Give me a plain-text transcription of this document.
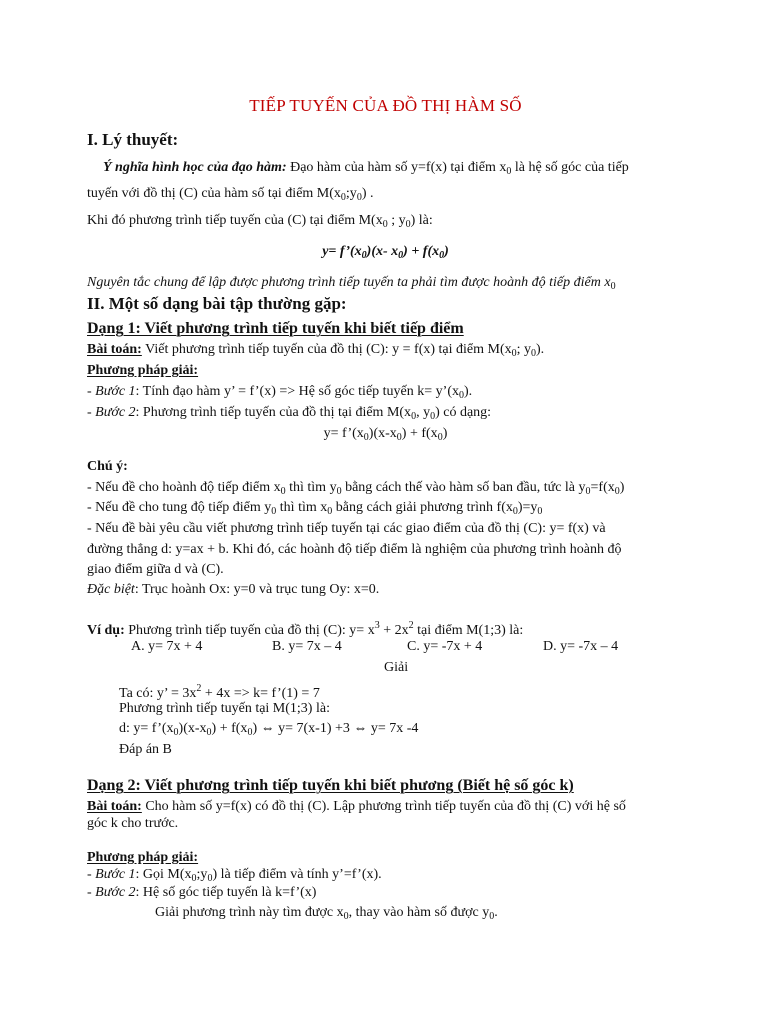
TIẾP TUYẾN CỦA ĐỒ THỊ HÀM SỐ
I. Lý thuyết:
Ý nghĩa hình học của đạo hàm: Đạo hàm của hàm số y=f(x) tại điểm $x_0$ là hệ số góc của tiếp
tuyến với đồ thị (C) của hàm số tại điểm $M(x_0;y_0)$ .
Khi đó phương trình tiếp tuyến của (C) tại điểm $M(x_0$ ; $y_0$) là:
$y= f’(x_0)(x-$ $x_0) + f(x_0)$
Nguyên tắc chung để lập được phương trình tiếp tuyến ta phải tìm được hoành độ tiếp điểm $x_0$
II. Một số dạng bài tập thường gặp:
Dạng 1: Viết phương trình tiếp tuyến khi biết tiếp điểm
Bài toán: Viết phương trình tiếp tuyến của đồ thị (C): y = f(x) tại điểm $M(x_0$; $y_0$).
Phương pháp giải:
- Bước 1: Tính đạo hàm y’ = f’(x) => Hệ số góc tiếp tuyến $k= y’(x_0)$.
- Bước 2: Phương trình tiếp tuyến của đồ thị tại điểm $M(x_0$, $y_0$) có dạng:
$y= f’(x_0)(x-x_0) + f(x_0)$
Chú ý:
- Nếu đề cho hoành độ tiếp điểm $x_0$ thì tìm $y_0$ bằng cách thế vào hàm số ban đầu, tức là $y_0=f(x_0)$
- Nếu đề cho tung độ tiếp điểm $y_0$ thì tìm $x_0$ bằng cách giải phương trình $f(x_0)=y_0$
- Nếu đề bài yêu cầu viết phương trình tiếp tuyến tại các giao điểm của đồ thị (C): y= f(x) và
đường thẳng d: y=ax + b. Khi đó, các hoành độ tiếp điểm là nghiệm của phương trình hoành độ
giao điểm giữa d và (C).
Đặc biệt: Trục hoành Ox: y=0 và trục tung Oy: x=0.
Ví dụ: Phương trình tiếp tuyến của đồ thị (C): $y= x^3 + 2x^2$ tại điểm M(1;3) là:
A. y= 7x + 4	B. y= 7x – 4	C. y= -7x + 4	D. y= -7x – 4
Giải
Ta có: y’ = $3x^2 + 4x => k=$ f’(1) = 7
Phương trình tiếp tuyến tại M(1;3) là:
d: $y= f’(x_0)(x-x_0) + f(x_0)$ ⇔ y= 7(x-1) +3 ⇔ y= 7x -4
Đáp án B
Dạng 2: Viết phương trình tiếp tuyến khi biết phương (Biết hệ số góc k)
Bài toán: Cho hàm số y=f(x) có đồ thị (C). Lập phương trình tiếp tuyến của đồ thị (C) với hệ số
góc k cho trước.
Phương pháp giải:
- Bước 1: Gọi $M(x_0;y_0)$ là tiếp điểm và tính y’=f’(x).
- Bước 2: Hệ số góc tiếp tuyến là k=f’(x)
Giải phương trình này tìm được $x_0$, thay vào hàm số được $y_0$.
